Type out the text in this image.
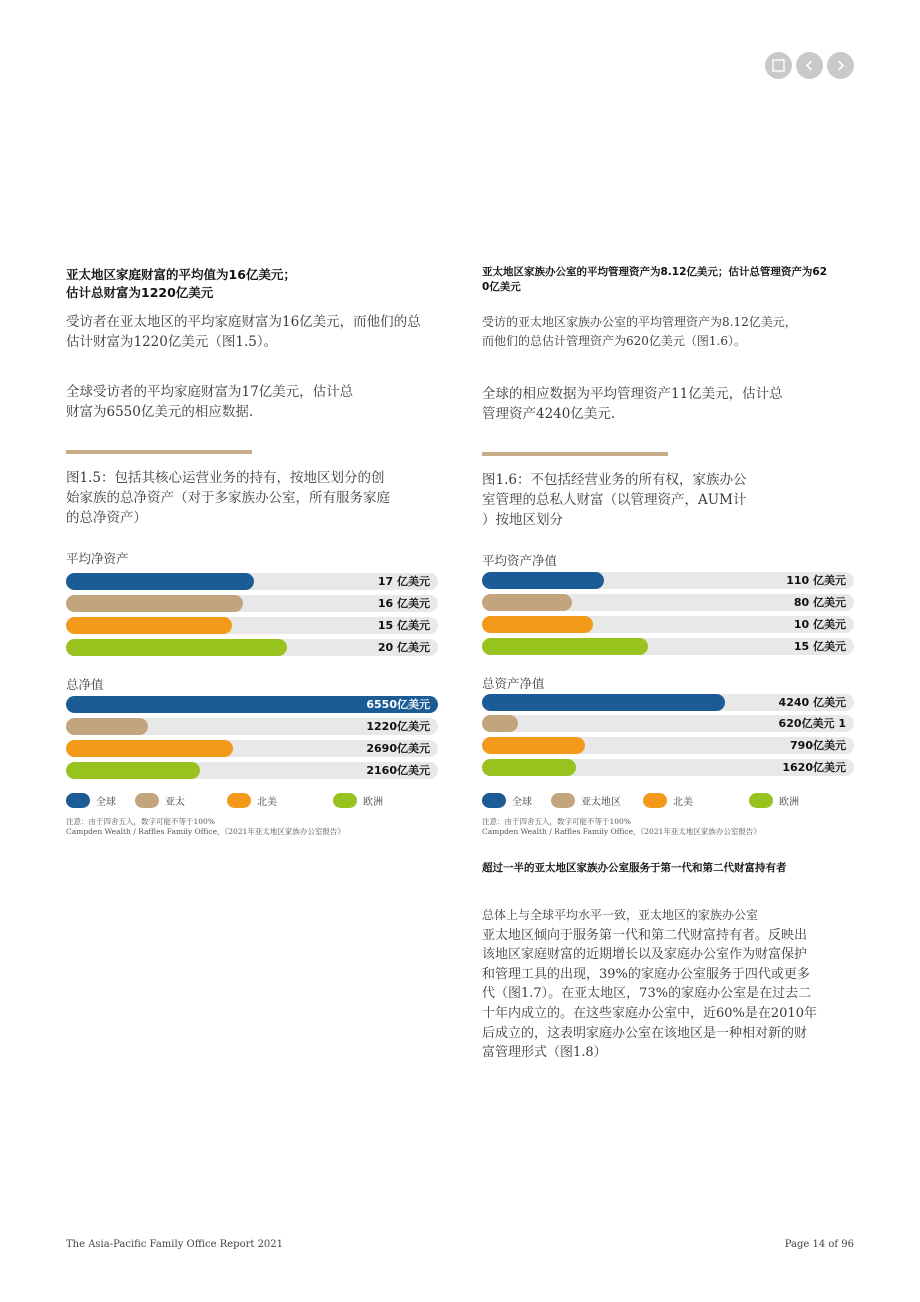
亚太地区家庭财富的平均值为16亿美元；
估计总财富为1220亿美元
受访者在亚太地区的平均家庭财富为16亿美元，而他们的总
估计财富为1220亿美元（图1.5）。
全球受访者的平均家庭财富为17亿美元，估计总
财富为6550亿美元的相应数据.
图1.5：包括其核心运营业务的持有，按地区划分的创
始家族的总净资产（对于多家族办公室，所有服务家庭
的总净资产）
平均净资产
17 亿美元
16 亿美元
15 亿美元
20 亿美元
总净值
6550亿美元
1220亿美元
2690亿美元
2160亿美元
全球	亚太	北美	欧洲
注意：由于四舍五入，数字可能不等于100%
Campden Wealth / Raffles Family Office，《2021年亚太地区家族办公室报告》
亚太地区家族办公室的平均管理资产为8.12亿美元；估计总管理资产为62
0亿美元
受访的亚太地区家族办公室的平均管理资产为8.12亿美元，
而他们的总估计管理资产为620亿美元（图1.6）。
全球的相应数据为平均管理资产11亿美元，估计总
管理资产4240亿美元.
图1.6：不包括经营业务的所有权，家族办公
室管理的总私人财富（以管理资产，AUM计
）按地区划分
平均资产净值
110 亿美元
80 亿美元
10 亿美元
15 亿美元
总资产净值
4240 亿美元
620亿美元 1
790亿美元
1620亿美元
全球	亚太地区	北美	欧洲
注意：由于四舍五入，数字可能不等于100%
Campden Wealth / Raffles Family Office，《2021年亚太地区家族办公室报告》
超过一半的亚太地区家族办公室服务于第一代和第二代财富持有者
总体上与全球平均水平一致，亚太地区的家族办公室
亚太地区倾向于服务第一代和第二代财富持有者。反映出
该地区家庭财富的近期增长以及家庭办公室作为财富保护
和管理工具的出现，39%的家庭办公室服务于四代或更多
代（图1.7）。在亚太地区，73%的家庭办公室是在过去二
十年内成立的。在这些家庭办公室中，近60%是在2010年
后成立的，这表明家庭办公室在该地区是一种相对新的财
富管理形式（图1.8）
The Asia-Pacific Family Office Report 2021	Page 14 of 96
